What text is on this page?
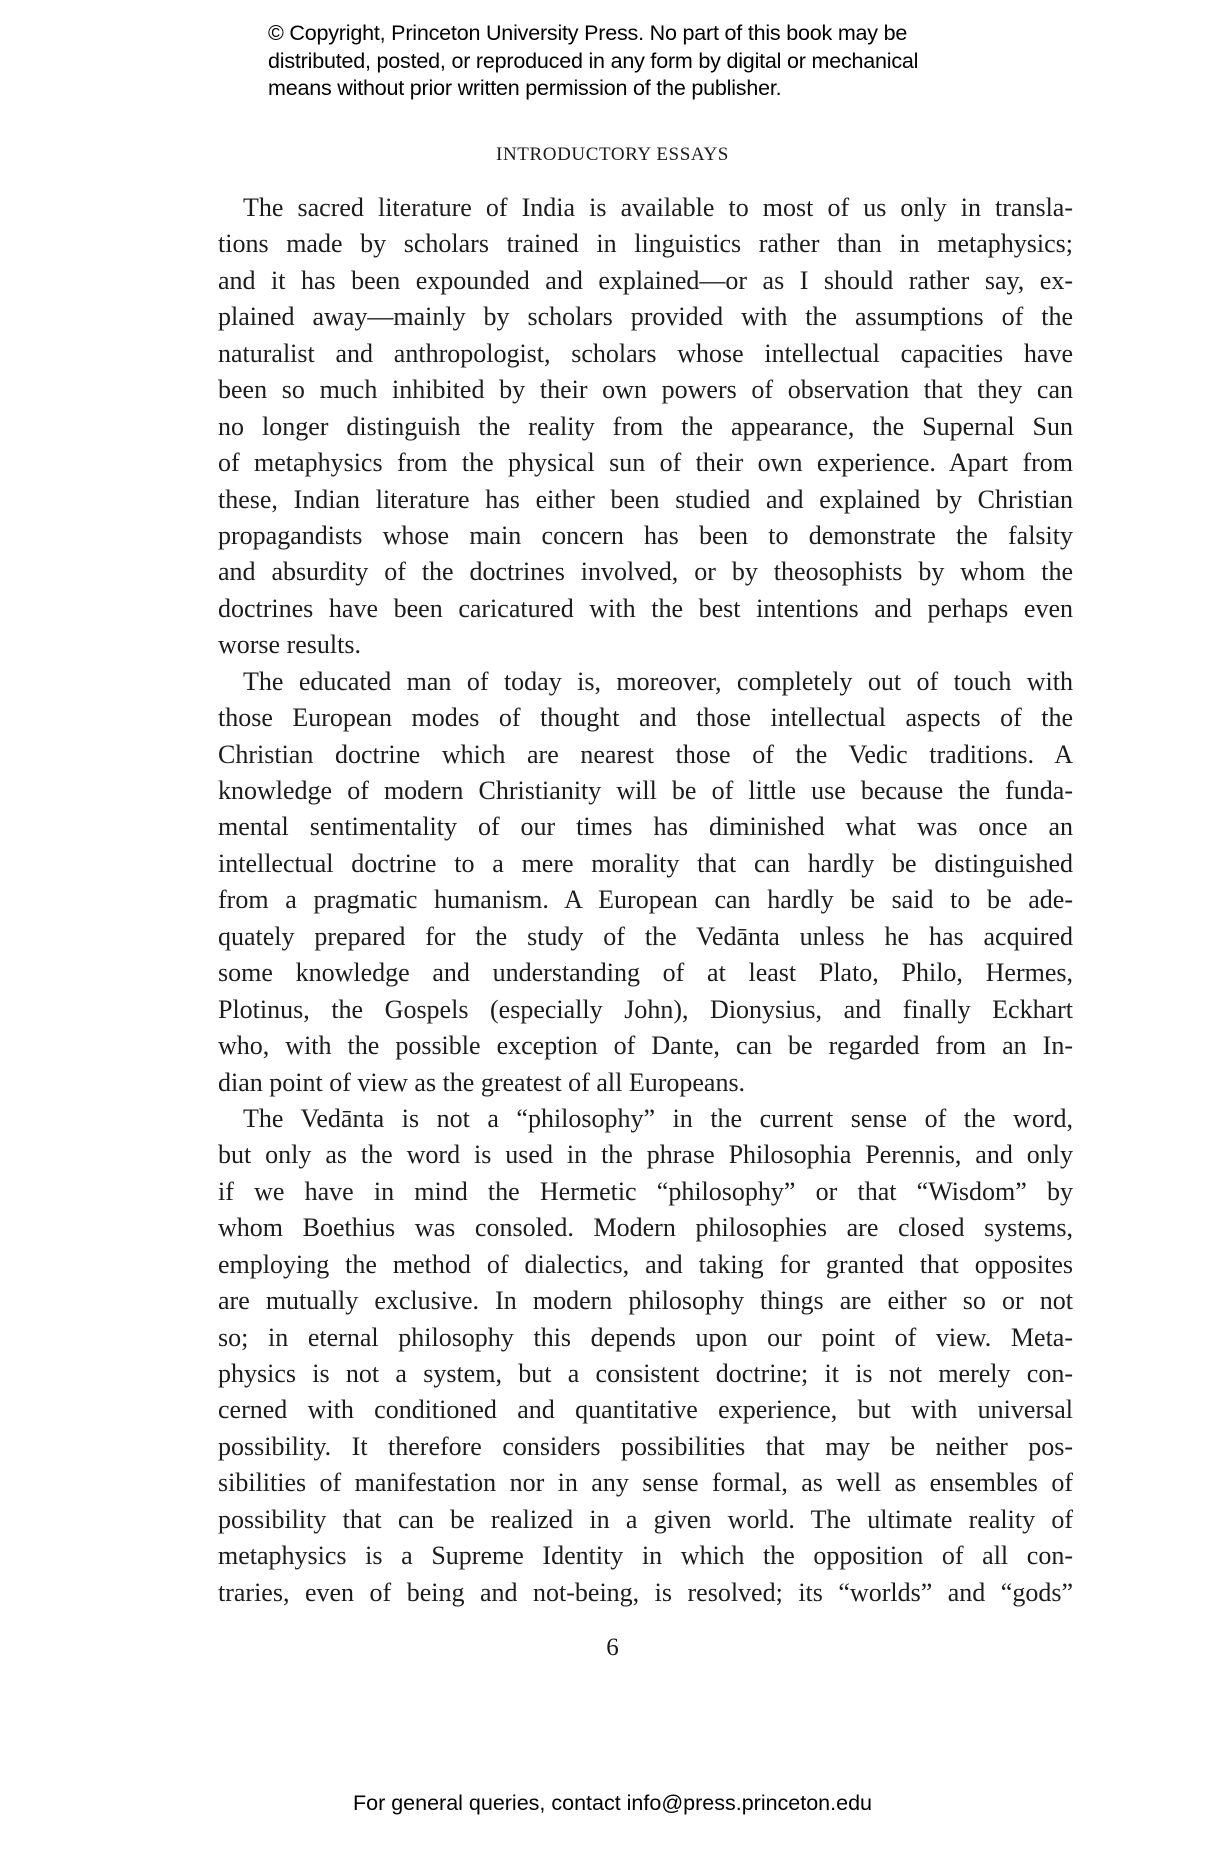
© Copyright, Princeton University Press. No part of this book may be
distributed, posted, or reproduced in any form by digital or mechanical
means without prior written permission of the publisher.
INTRODUCTORY ESSAYS
The sacred literature of India is available to most of us only in transla-
tions made by scholars trained in linguistics rather than in metaphysics;
and it has been expounded and explained—or as I should rather say, ex-
plained away—mainly by scholars provided with the assumptions of the
naturalist and anthropologist, scholars whose intellectual capacities have
been so much inhibited by their own powers of observation that they can
no longer distinguish the reality from the appearance, the Supernal Sun
of metaphysics from the physical sun of their own experience. Apart from
these, Indian literature has either been studied and explained by Christian
propagandists whose main concern has been to demonstrate the falsity
and absurdity of the doctrines involved, or by theosophists by whom the
doctrines have been caricatured with the best intentions and perhaps even
worse results.
The educated man of today is, moreover, completely out of touch with
those European modes of thought and those intellectual aspects of the
Christian doctrine which are nearest those of the Vedic traditions. A
knowledge of modern Christianity will be of little use because the funda-
mental sentimentality of our times has diminished what was once an
intellectual doctrine to a mere morality that can hardly be distinguished
from a pragmatic humanism. A European can hardly be said to be ade-
quately prepared for the study of the Vedānta unless he has acquired
some knowledge and understanding of at least Plato, Philo, Hermes,
Plotinus, the Gospels (especially John), Dionysius, and finally Eckhart
who, with the possible exception of Dante, can be regarded from an In-
dian point of view as the greatest of all Europeans.
The Vedānta is not a “philosophy” in the current sense of the word,
but only as the word is used in the phrase Philosophia Perennis, and only
if we have in mind the Hermetic “philosophy” or that “Wisdom” by
whom Boethius was consoled. Modern philosophies are closed systems,
employing the method of dialectics, and taking for granted that opposites
are mutually exclusive. In modern philosophy things are either so or not
so; in eternal philosophy this depends upon our point of view. Meta-
physics is not a system, but a consistent doctrine; it is not merely con-
cerned with conditioned and quantitative experience, but with universal
possibility. It therefore considers possibilities that may be neither pos-
sibilities of manifestation nor in any sense formal, as well as ensembles of
possibility that can be realized in a given world. The ultimate reality of
metaphysics is a Supreme Identity in which the opposition of all con-
traries, even of being and not-being, is resolved; its “worlds” and “gods”
6
For general queries, contact info@press.princeton.edu
